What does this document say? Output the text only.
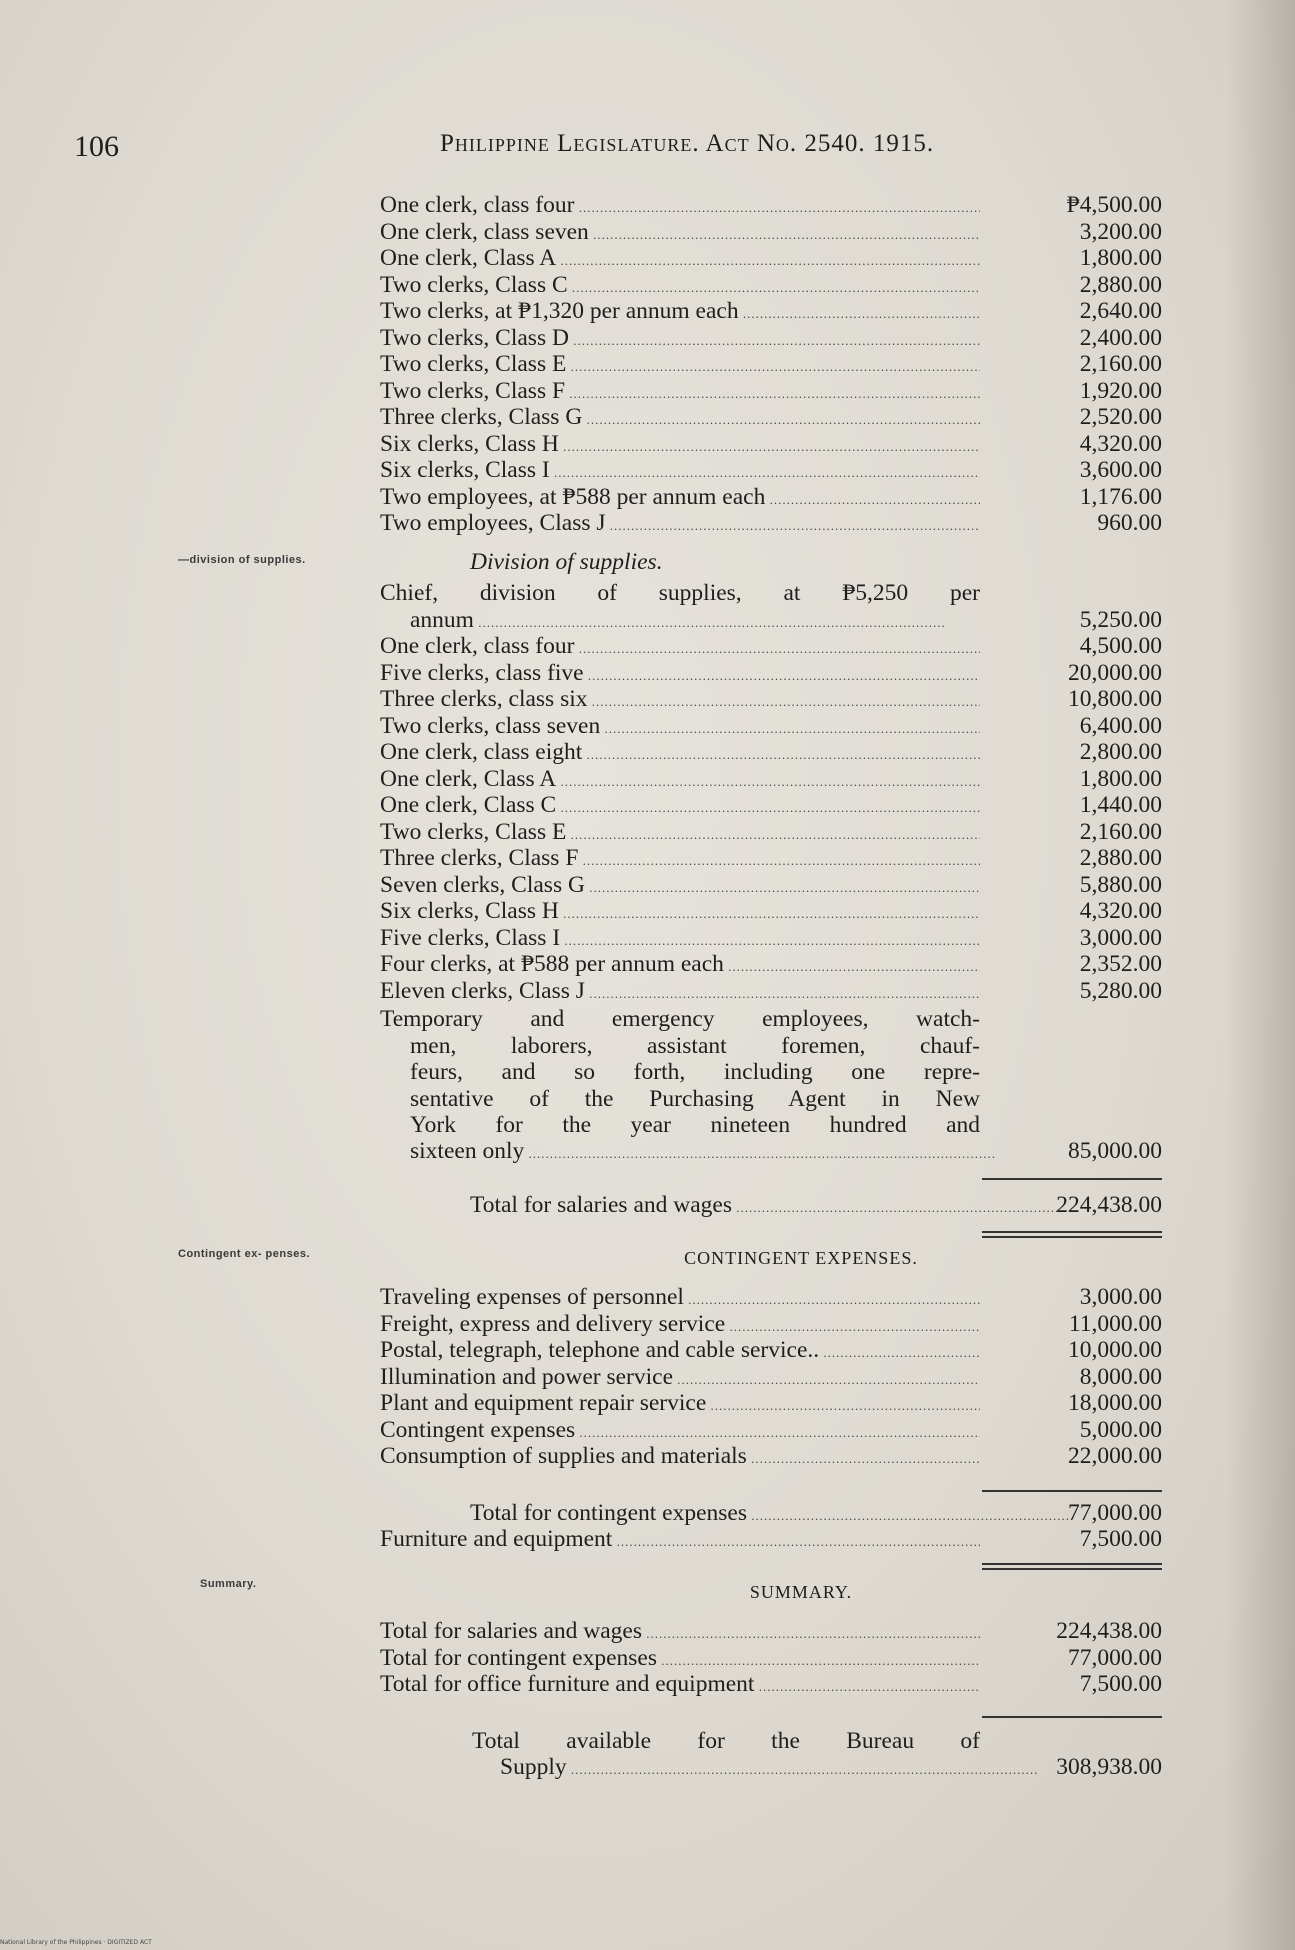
106	Philippine Legislature. Act No. 2540. 1915.
—division of supplies.
Contingent ex- penses.
Summary.
One clerk, class four .....	₱4,500.00
One clerk, class seven .....	3,200.00
One clerk, Class A .....	1,800.00
Two clerks, Class C .....	2,880.00
Two clerks, at ₱1,320 per annum each .....	2,640.00
Two clerks, Class D .....	2,400.00
Two clerks, Class E .....	2,160.00
Two clerks, Class F .....	1,920.00
Three clerks, Class G .....	2,520.00
Six clerks, Class H .....	4,320.00
Six clerks, Class I .....	3,600.00
Two employees, at ₱588 per annum each .....	1,176.00
Two employees, Class J .....	960.00
Division of supplies.
Chief, division of supplies, at ₱5,250 per
annum .....	5,250.00
One clerk, class four .....	4,500.00
Five clerks, class five .....	20,000.00
Three clerks, class six .....	10,800.00
Two clerks, class seven .....	6,400.00
One clerk, class eight .....	2,800.00
One clerk, Class A .....	1,800.00
One clerk, Class C .....	1,440.00
Two clerks, Class E .....	2,160.00
Three clerks, Class F .....	2,880.00
Seven clerks, Class G .....	5,880.00
Six clerks, Class H .....	4,320.00
Five clerks, Class I .....	3,000.00
Four clerks, at ₱588 per annum each .....	2,352.00
Eleven clerks, Class J .....	5,280.00
Temporary and emergency employees, watch-
men, laborers, assistant foremen, chauf-
feurs, and so forth, including one repre-
sentative of the Purchasing Agent in New
York for the year nineteen hundred and
sixteen only .....	85,000.00
Total for salaries and wages .....	224,438.00
CONTINGENT EXPENSES.
Traveling expenses of personnel .....	3,000.00
Freight, express and delivery service .....	11,000.00
Postal, telegraph, telephone and cable service.. .....	10,000.00
Illumination and power service .....	8,000.00
Plant and equipment repair service .....	18,000.00
Contingent expenses .....	5,000.00
Consumption of supplies and materials .....	22,000.00
Total for contingent expenses .....	77,000.00
Furniture and equipment .....	7,500.00
SUMMARY.
Total for salaries and wages .....	224,438.00
Total for contingent expenses .....	77,000.00
Total for office furniture and equipment .....	7,500.00
Total available for the Bureau of
Supply .....	308,938.00
National Library of the Philippines · DIGITIZED ACT
